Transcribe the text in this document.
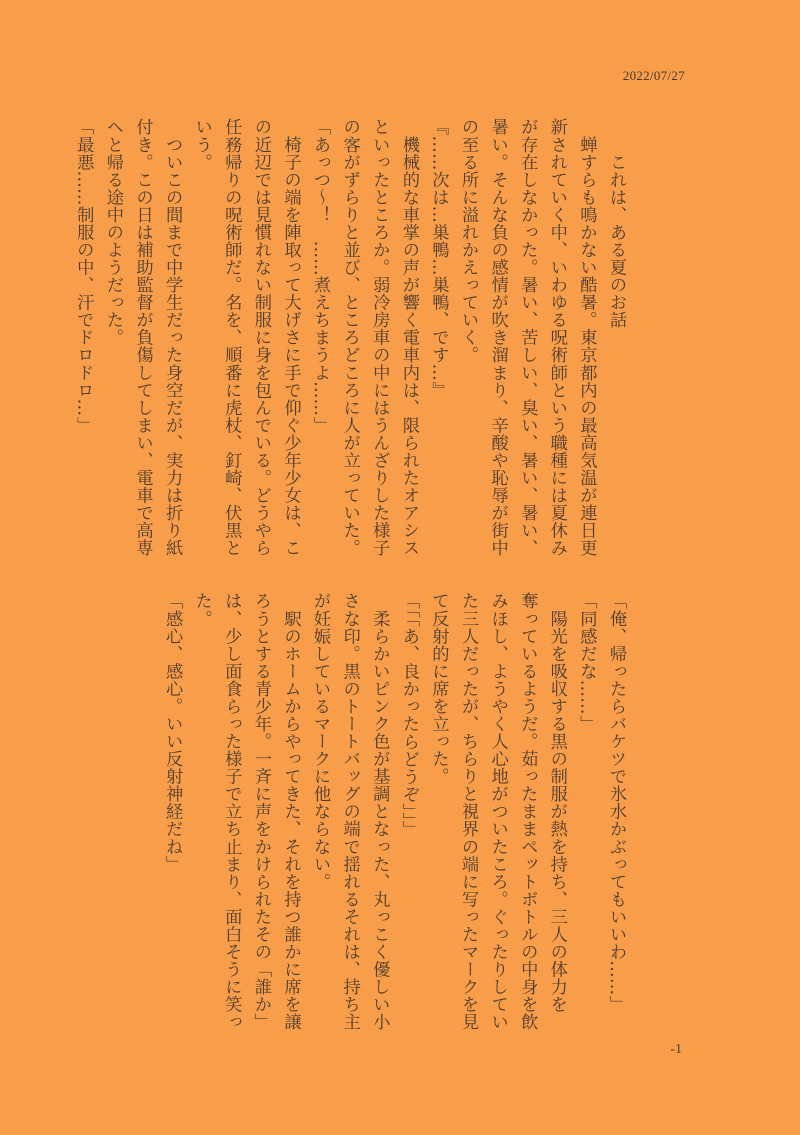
2022/07/27

　　これは、ある夏のお話

　蝉すらも鳴かない酷暑。東京都内の最高気温が連日更

新されていく中、いわゆる呪術師という職種には夏休み

が存在しなかった。暑い、苦しい、臭い、暑い、暑い、

暑い。そんな負の感情が吹き溜まり、辛酸や恥辱が街中

の至る所に溢れかえっていく。

『……次は…巣鴨…巣鴨、です…』

　機械的な車掌の声が響く電車内は、限られたオアシス

といったところか。弱冷房車の中にはうんざりした様子

の客がずらりと並び、ところどころに人が立っていた。

「あっつ〜！　……煮えちまうよ……」

　椅子の端を陣取って大げさに手で仰ぐ少年少女は、こ

の近辺では見慣れない制服に身を包んでいる。どうやら

任務帰りの呪術師だ。名を、順番に虎杖、釘崎、伏黒と

いう。

　ついこの間まで中学生だった身空だが、実力は折り紙

付き。この日は補助監督が負傷してしまい、電車で高専

へと帰る途中のようだった。

「最悪……制服の中、汗でドロドロ…」

「俺、帰ったらバケツで氷水かぶってもいいわ……」

「同感だな……」

　陽光を吸収する黒の制服が熱を持ち、三人の体力を

奪っているようだ。茹ったままペットボトルの中身を飲

みほし、ようやく人心地がついたころ。ぐったりしてい

た三人だったが、ちらりと視界の端に写ったマークを見

て反射的に席を立った。

「「「あ、良かったらどうぞ」」」

　柔らかいピンク色が基調となった、丸っこく優しい小

さな印。黒のトートバッグの端で揺れるそれは、持ち主

が妊娠しているマークに他ならない。

　駅のホームからやってきた、それを持つ誰かに席を譲

ろうとする青少年。一斉に声をかけられたその「誰か」

は、少し面食らった様子で立ち止まり、面白そうに笑っ

た。

「感心、感心。いい反射神経だね」

-1
